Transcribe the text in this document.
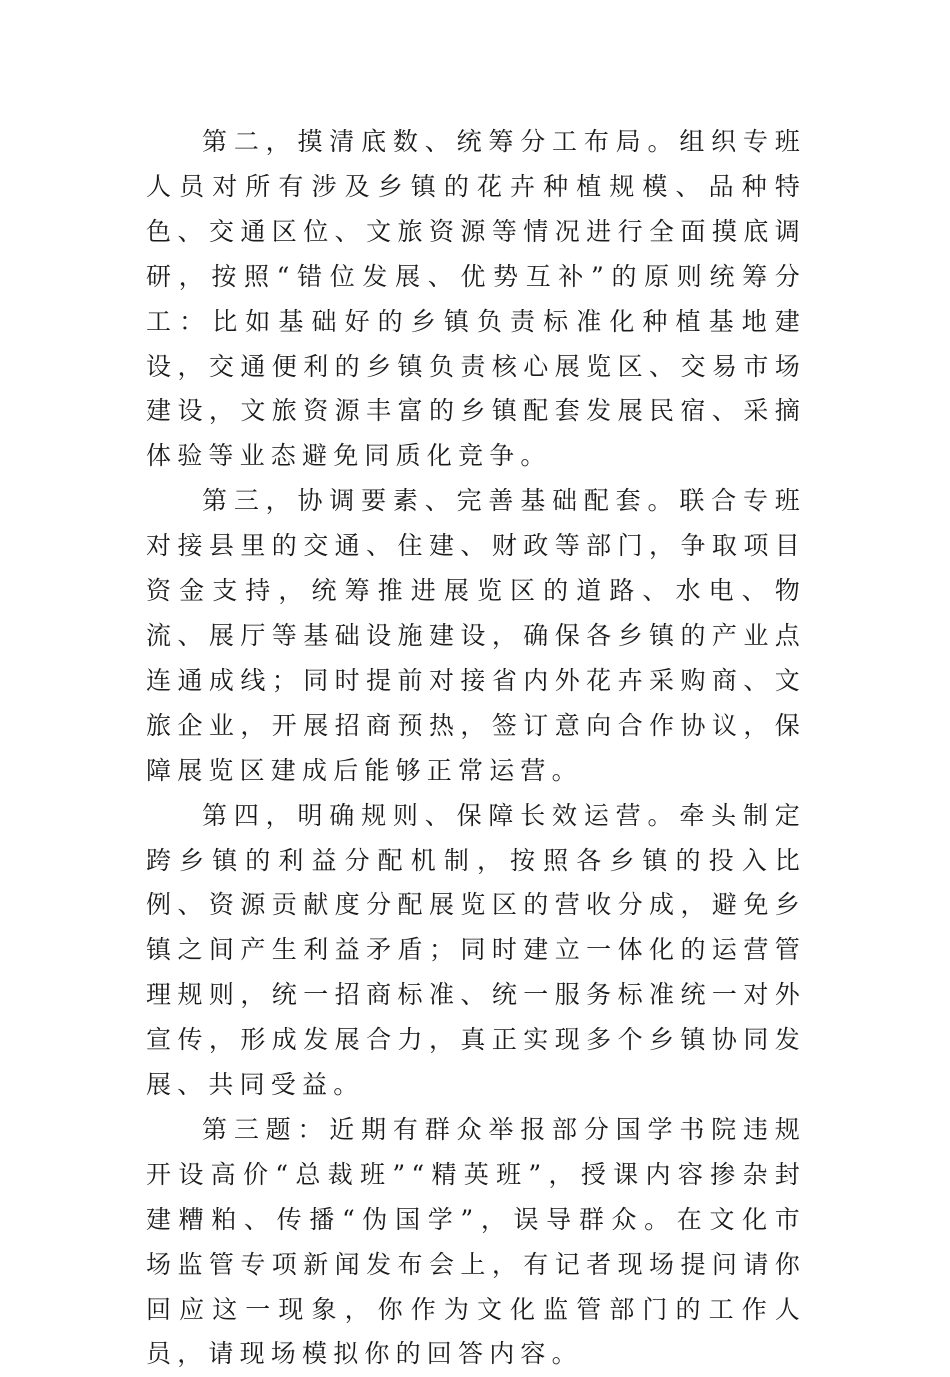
第二，摸清底数、统筹分工布局。组织专班人员对所有涉及乡镇的花卉种植规模、品种特色、交通区位、文旅资源等情况进行全面摸底调研，按照“错位发展、优势互补”的原则统筹分工：比如基础好的乡镇负责标准化种植基地建设，交通便利的乡镇负责核心展览区、交易市场建设，文旅资源丰富的乡镇配套发展民宿、采摘体验等业态避免同质化竞争。

第三，协调要素、完善基础配套。联合专班对接县里的交通、住建、财政等部门，争取项目资金支持，统筹推进展览区的道路、水电、物流、展厅等基础设施建设，确保各乡镇的产业点连通成线；同时提前对接省内外花卉采购商、文旅企业，开展招商预热，签订意向合作协议，保障展览区建成后能够正常运营。

第四，明确规则、保障长效运营。牵头制定跨乡镇的利益分配机制，按照各乡镇的投入比例、资源贡献度分配展览区的营收分成，避免乡镇之间产生利益矛盾；同时建立一体化的运营管理规则，统一招商标准、统一服务标准统一对外宣传，形成发展合力，真正实现多个乡镇协同发展、共同受益。

第三题：近期有群众举报部分国学书院违规开设高价“总裁班”“精英班”，授课内容掺杂封建糟粕、传播“伪国学”，误导群众。在文化市场监管专项新闻发布会上，有记者现场提问请你回应这一现象，你作为文化监管部门的工作人员，请现场模拟你的回答内容。
